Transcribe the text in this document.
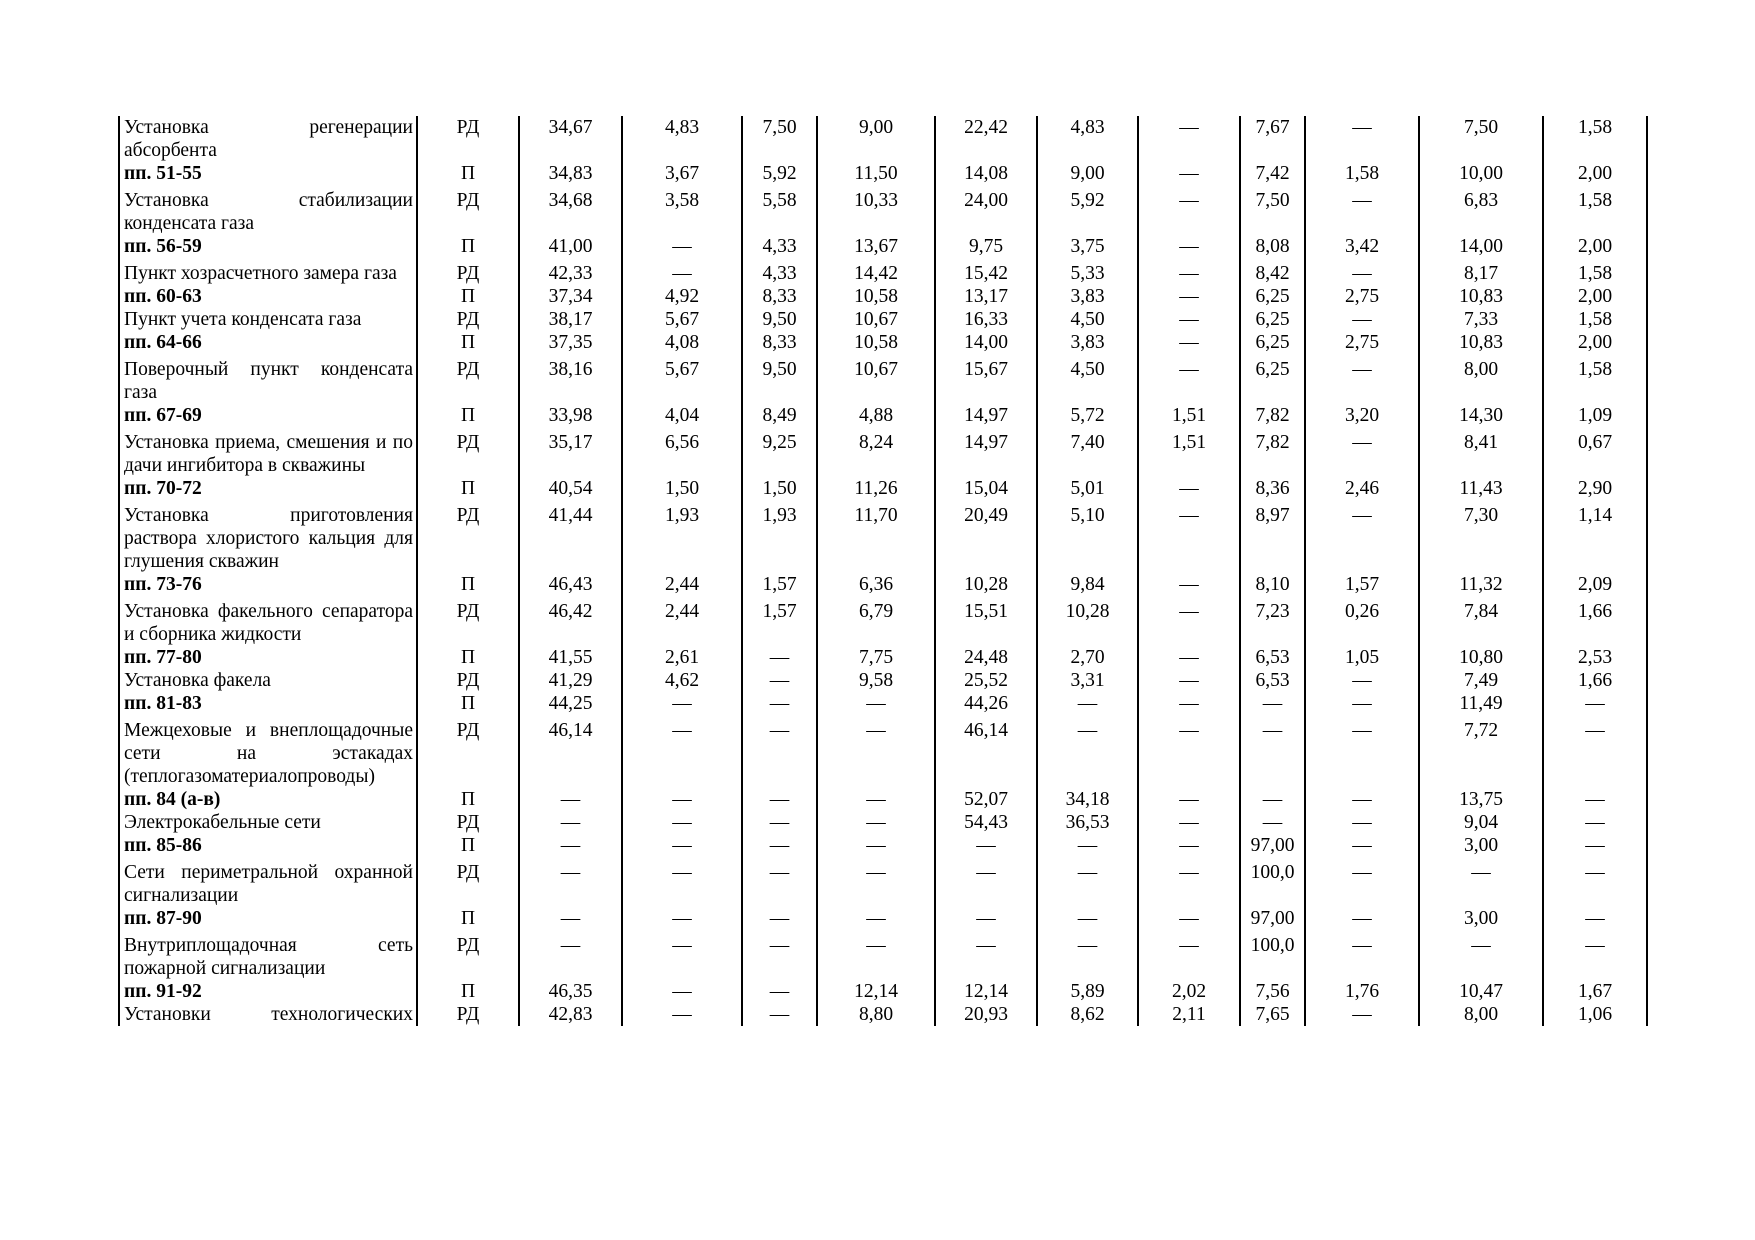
Установка регенерации абсорбента	РД	34,67	4,83	7,50	9,00	22,42	4,83	—	7,67	—	7,50	1,58
пп. 51-55	П	34,83	3,67	5,92	11,50	14,08	9,00	—	7,42	1,58	10,00	2,00
Установка стабилизации конденсата газа	РД	34,68	3,58	5,58	10,33	24,00	5,92	—	7,50	—	6,83	1,58
пп. 56-59	П	41,00	—	4,33	13,67	9,75	3,75	—	8,08	3,42	14,00	2,00
Пункт хозрасчетного замера газа	РД	42,33	—	4,33	14,42	15,42	5,33	—	8,42	—	8,17	1,58
пп. 60-63	П	37,34	4,92	8,33	10,58	13,17	3,83	—	6,25	2,75	10,83	2,00
Пункт учета конденсата газа	РД	38,17	5,67	9,50	10,67	16,33	4,50	—	6,25	—	7,33	1,58
пп. 64-66	П	37,35	4,08	8,33	10,58	14,00	3,83	—	6,25	2,75	10,83	2,00
Поверочный пункт конденсата газа	РД	38,16	5,67	9,50	10,67	15,67	4,50	—	6,25	—	8,00	1,58
пп. 67-69	П	33,98	4,04	8,49	4,88	14,97	5,72	1,51	7,82	3,20	14,30	1,09
Установка приема, смешения и по дачи ингибитора в скважины	РД	35,17	6,56	9,25	8,24	14,97	7,40	1,51	7,82	—	8,41	0,67
пп. 70-72	П	40,54	1,50	1,50	11,26	15,04	5,01	—	8,36	2,46	11,43	2,90
Установка приготовления раствора хлористого кальция для глушения скважин	РД	41,44	1,93	1,93	11,70	20,49	5,10	—	8,97	—	7,30	1,14
пп. 73-76	П	46,43	2,44	1,57	6,36	10,28	9,84	—	8,10	1,57	11,32	2,09
Установка факельного сепаратора и сборника жидкости	РД	46,42	2,44	1,57	6,79	15,51	10,28	—	7,23	0,26	7,84	1,66
пп. 77-80	П	41,55	2,61	—	7,75	24,48	2,70	—	6,53	1,05	10,80	2,53
Установка факела	РД	41,29	4,62	—	9,58	25,52	3,31	—	6,53	—	7,49	1,66
пп. 81-83	П	44,25	—	—	—	44,26	—	—	—	—	11,49	—
Межцеховые и внеплощадочные сети на эстакадах (теплогазоматериалопроводы)	РД	46,14	—	—	—	46,14	—	—	—	—	7,72	—
пп. 84 (а-в)	П	—	—	—	—	52,07	34,18	—	—	—	13,75	—
Электрокабельные сети	РД	—	—	—	—	54,43	36,53	—	—	—	9,04	—
пп. 85-86	П	—	—	—	—	—	—	—	97,00	—	3,00	—
Сети периметральной охранной сигнализации	РД	—	—	—	—	—	—	—	100,0	—	—	—
пп. 87-90	П	—	—	—	—	—	—	—	97,00	—	3,00	—
Внутриплощадочная сеть пожарной сигнализации	РД	—	—	—	—	—	—	—	100,0	—	—	—
пп. 91-92	П	46,35	—	—	12,14	12,14	5,89	2,02	7,56	1,76	10,47	1,67
Установки технологических	РД	42,83	—	—	8,80	20,93	8,62	2,11	7,65	—	8,00	1,06
